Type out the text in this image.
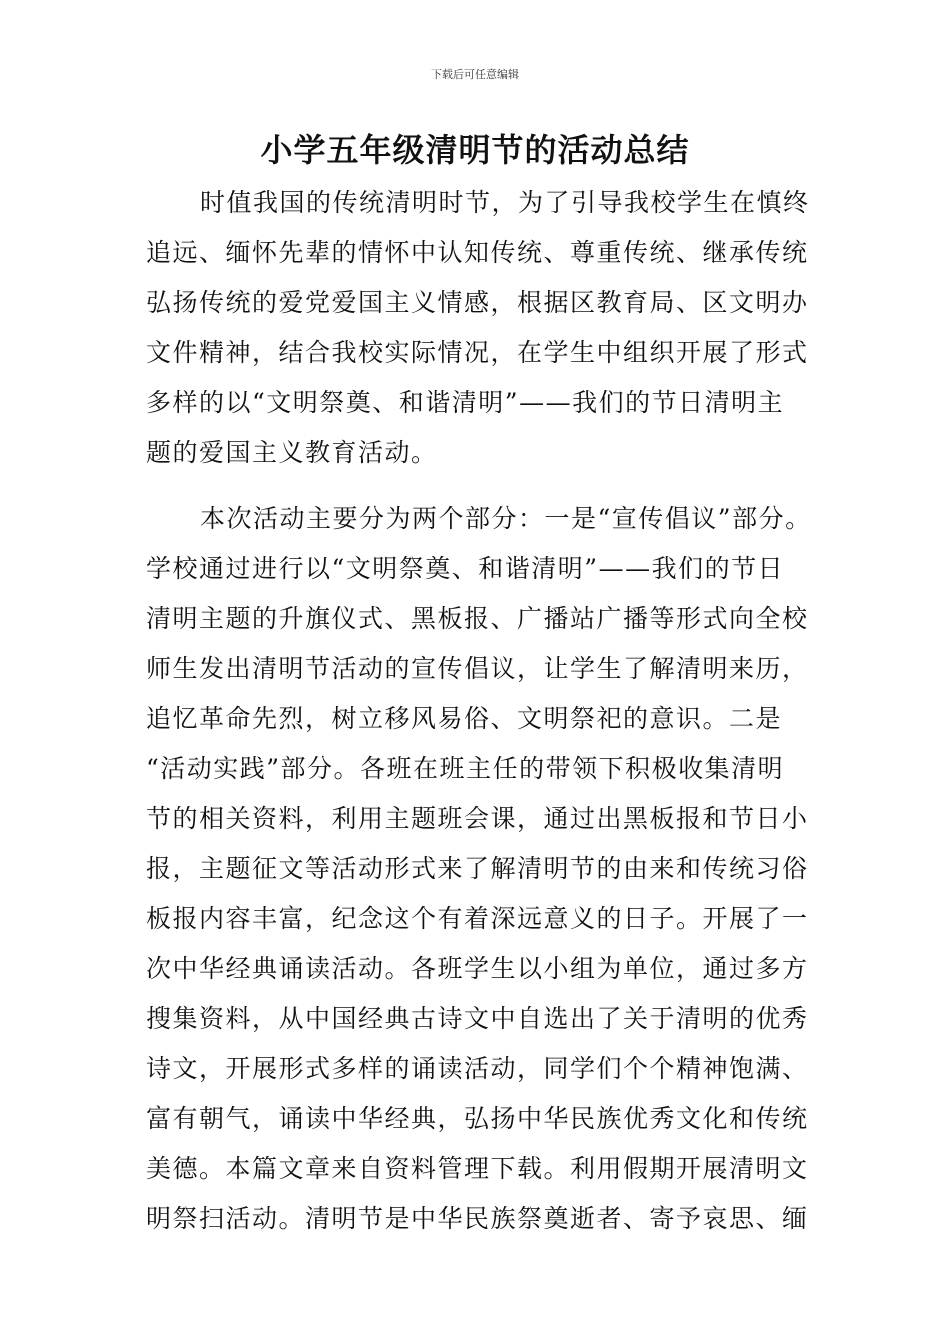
下载后可任意编辑
小学五年级清明节的活动总结
时值我国的传统清明时节，为了引导我校学生在慎终
追远、缅怀先辈的情怀中认知传统、尊重传统、继承传统
弘扬传统的爱党爱国主义情感，根据区教育局、区文明办
文件精神，结合我校实际情况，在学生中组织开展了形式
多样的以“文明祭奠、和谐清明”——我们的节日清明主
题的爱国主义教育活动。
本次活动主要分为两个部分：一是“宣传倡议”部分。
学校通过进行以“文明祭奠、和谐清明”——我们的节日
清明主题的升旗仪式、黑板报、广播站广播等形式向全校
师生发出清明节活动的宣传倡议，让学生了解清明来历，
追忆革命先烈，树立移风易俗、文明祭祀的意识。二是
“活动实践”部分。各班在班主任的带领下积极收集清明
节的相关资料，利用主题班会课，通过出黑板报和节日小
报，主题征文等活动形式来了解清明节的由来和传统习俗
板报内容丰富，纪念这个有着深远意义的日子。开展了一
次中华经典诵读活动。各班学生以小组为单位，通过多方
搜集资料，从中国经典古诗文中自选出了关于清明的优秀
诗文，开展形式多样的诵读活动，同学们个个精神饱满、
富有朝气，诵读中华经典，弘扬中华民族优秀文化和传统
美德。本篇文章来自资料管理下载。利用假期开展清明文
明祭扫活动。清明节是中华民族祭奠逝者、寄予哀思、缅
